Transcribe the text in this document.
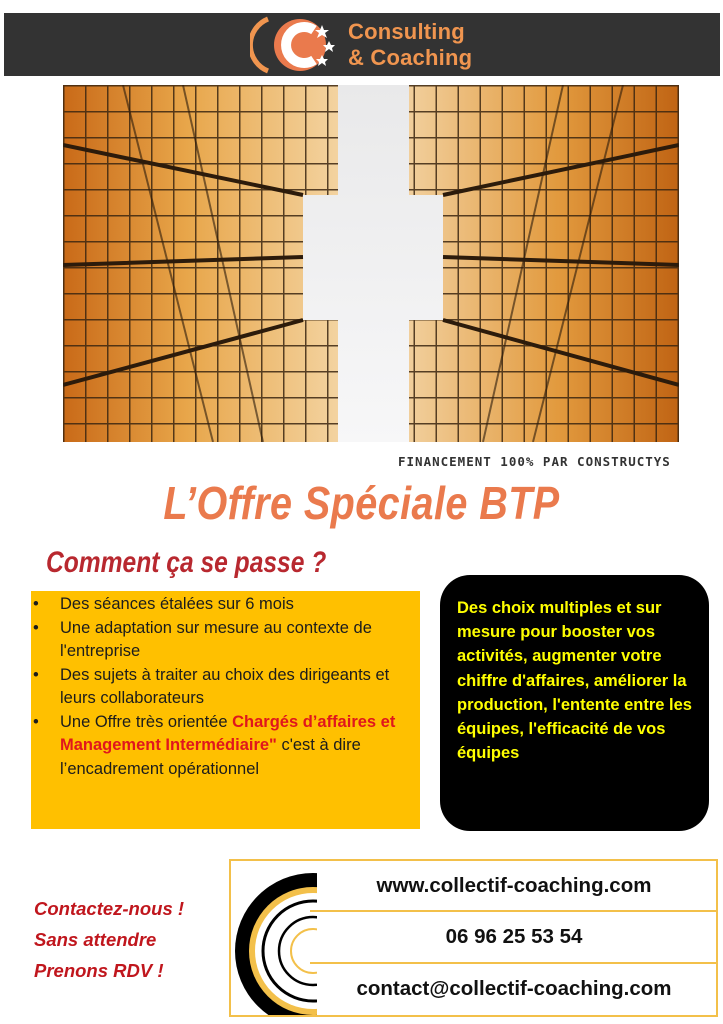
Consulting
& Coaching
FINANCEMENT 100% PAR CONSTRUCTYS
L’Offre Spéciale BTP
Comment ça se passe ?
• Des séances étalées sur 6 mois
• Une adaptation sur mesure au contexte de l'entreprise
• Des sujets à traiter au choix des dirigeants et leurs collaborateurs
• Une Offre très orientée Chargés d’affaires et Management Intermédiaire" c'est à dire l’encadrement opérationnel
Des choix multiples et sur mesure pour booster vos activités, augmenter votre chiffre d'affaires, améliorer la production, l'entente entre les équipes, l'efficacité de vos équipes
Contactez-nous !
Sans attendre
Prenons RDV !
www.collectif-coaching.com
06 96 25 53 54
contact@collectif-coaching.com
